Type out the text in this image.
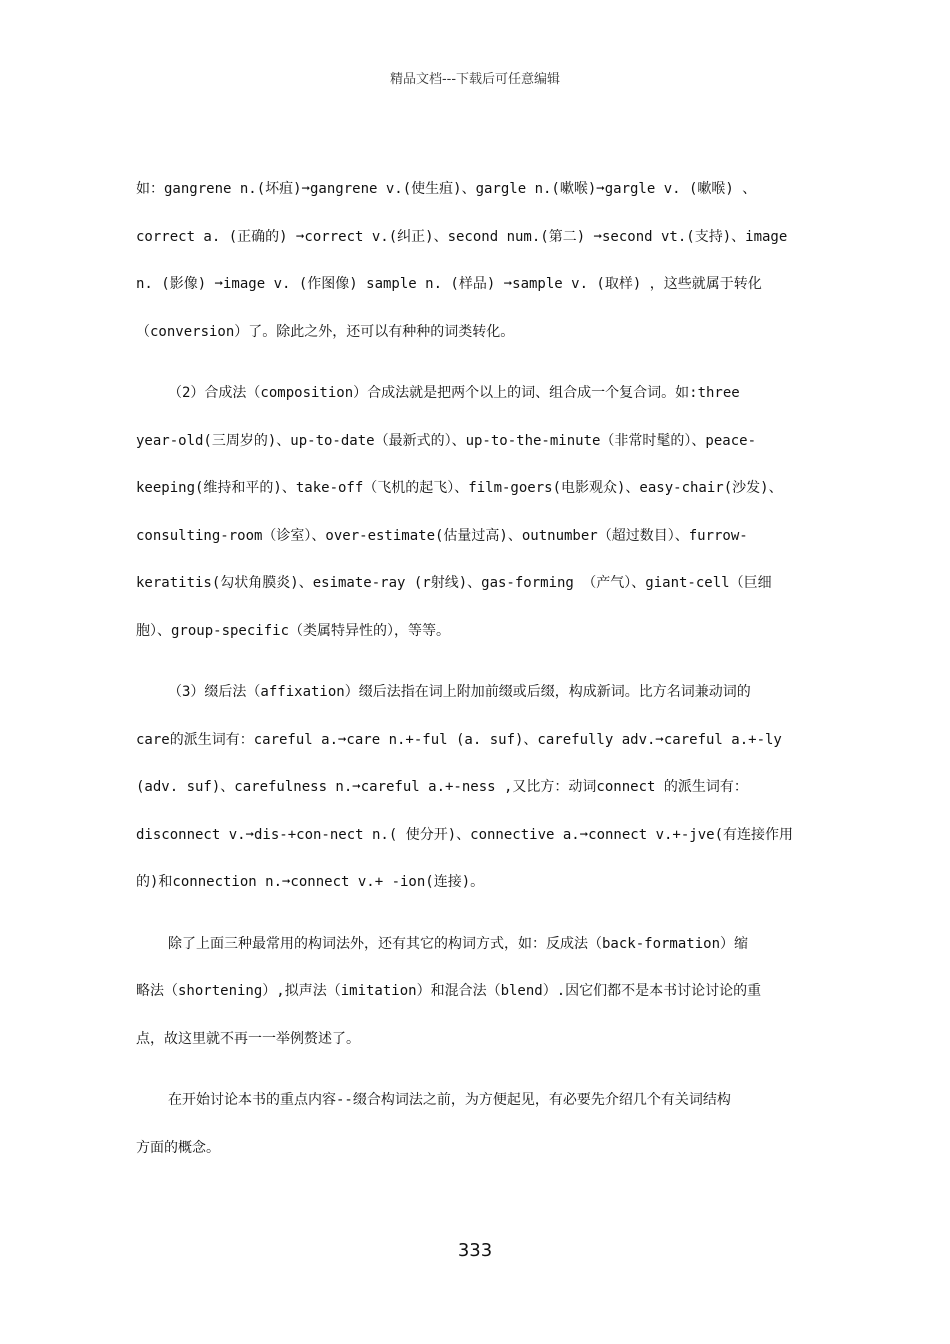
精品文档---下载后可任意编辑
如：gangrene n.(坏疽)➞gangrene v.(使生疽)、gargle n.(嗽喉)➞gargle v. (嗽喉) 、
correct a. (正确的) ➞correct v.(纠正)、second num.(第二) ➞second vt.(支持)、image
n. (影像) ➞image v. (作图像) sample n. (样品) ➞sample v. (取样) ，这些就属于转化
（conversion）了。除此之外，还可以有种种的词类转化。
（2）合成法（composition）合成法就是把两个以上的词、组合成一个复合词。如:three
year-old(三周岁的)、up-to-date（最新式的）、up-to-the-minute（非常时髦的）、peace-
keeping(维持和平的)、take-off（飞机的起飞）、film-goers(电影观众)、easy-chair(沙发)、
consulting-room（诊室）、over-estimate(估量过高)、outnumber（超过数目）、furrow-
keratitis(勾状角膜炎)、esimate-ray (r射线)、gas-forming （产气）、giant-cell（巨细
胞）、group-specific（类属特异性的），等等。
（3）缀后法（affixation）缀后法指在词上附加前缀或后缀，构成新词。比方名词兼动词的
care的派生词有：careful a.➞care n.+-ful (a. suf)、carefully adv.➞careful a.+-ly
(adv. suf)、carefulness n.➞careful a.+-ness ,又比方：动词connect 的派生词有：
disconnect v.➞dis-+con-nect n.( 使分开)、connective a.➞connect v.+-jve(有连接作用
的)和connection n.➞connect v.+ -ion(连接)。
除了上面三种最常用的构词法外，还有其它的构词方式，如：反成法（back-formation）缩
略法（shortening）,拟声法（imitation）和混合法（blend）.因它们都不是本书讨论讨论的重
点，故这里就不再一一举例赘述了。
在开始讨论本书的重点内容--缀合构词法之前，为方便起见，有必要先介绍几个有关词结构
方面的概念。
333
